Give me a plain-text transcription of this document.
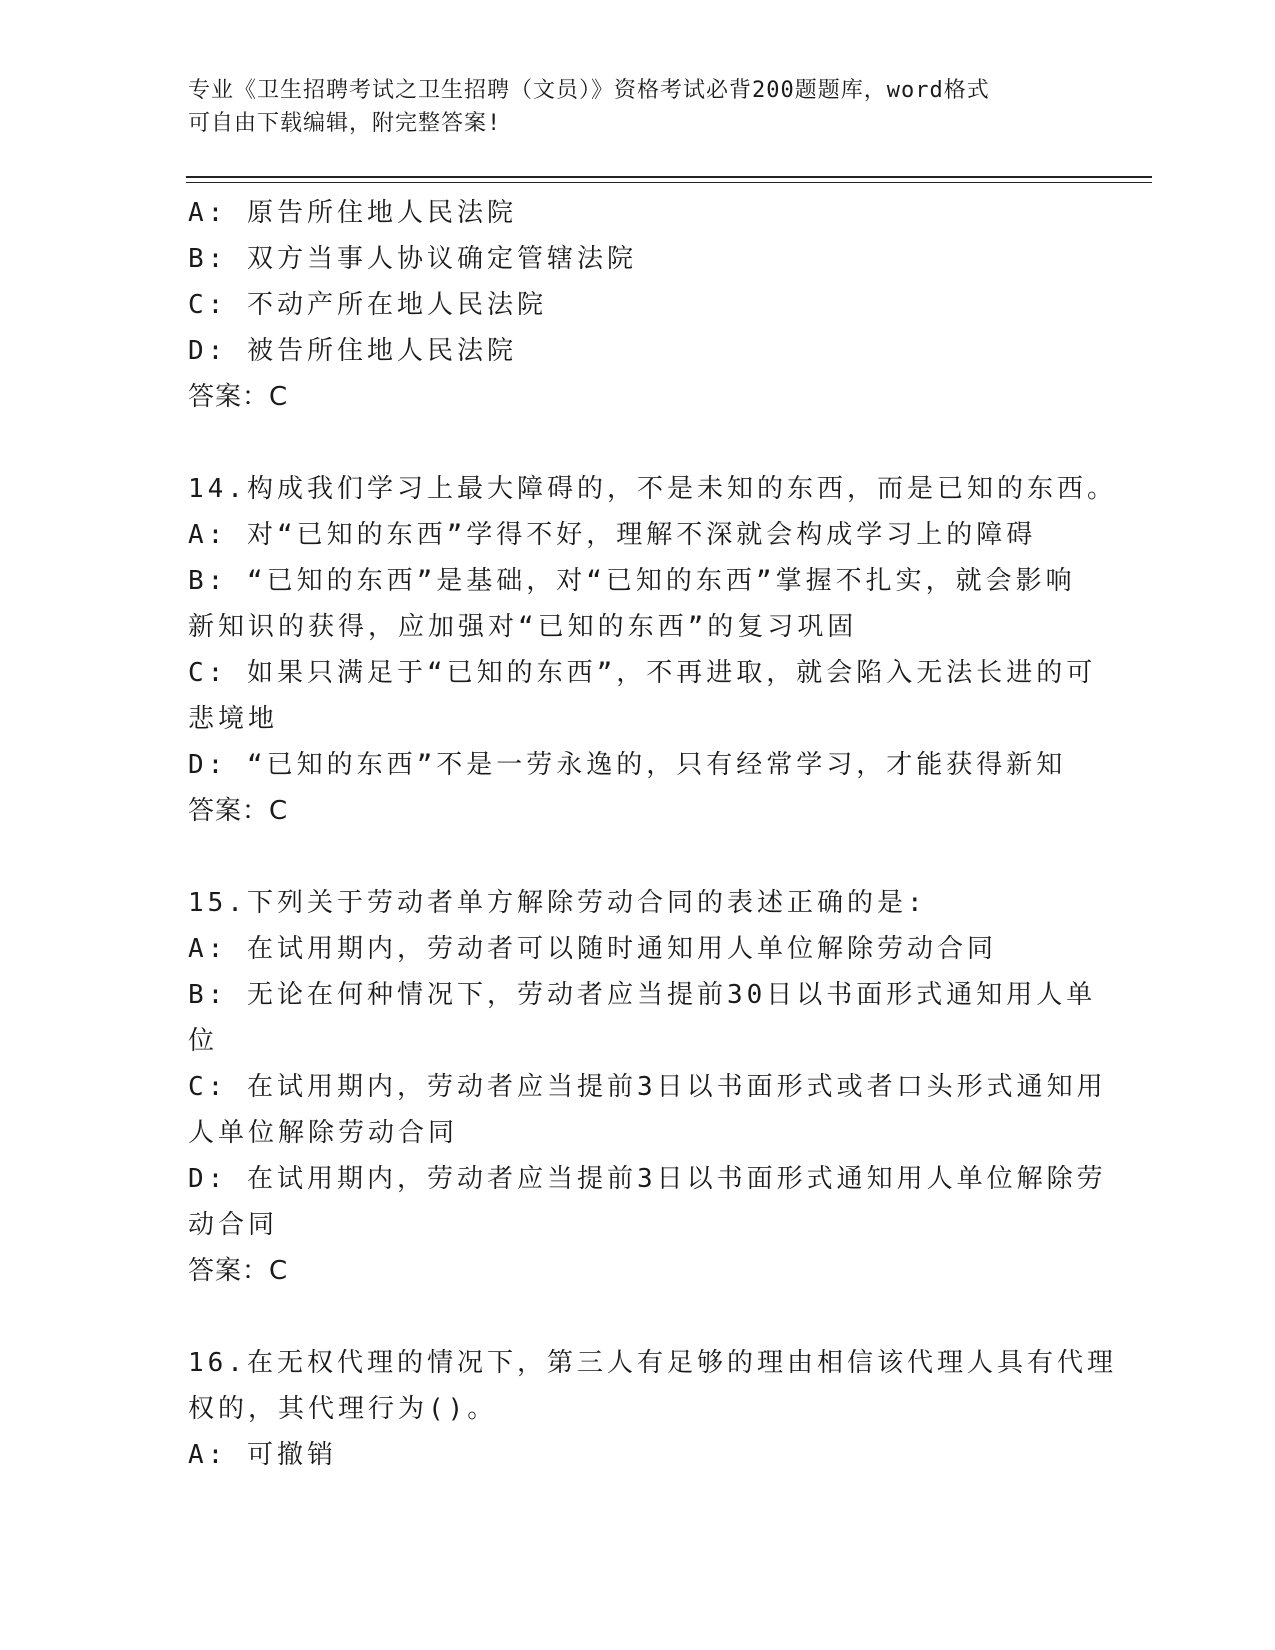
专业《卫生招聘考试之卫生招聘（文员）》资格考试必背200题题库，word格式
可自由下载编辑，附完整答案!

A: 原告所住地人民法院

B: 双方当事人协议确定管辖法院

C: 不动产所在地人民法院

D: 被告所住地人民法院

答案：C

14.构成我们学习上最大障碍的，不是未知的东西，而是已知的东西。

A: 对“已知的东西”学得不好，理解不深就会构成学习上的障碍

B: “已知的东西”是基础，对“已知的东西”掌握不扎实，就会影响

新知识的获得，应加强对“已知的东西”的复习巩固

C: 如果只满足于“已知的东西”，不再进取，就会陷入无法长进的可

悲境地

D: “已知的东西”不是一劳永逸的，只有经常学习，才能获得新知

答案：C

15.下列关于劳动者单方解除劳动合同的表述正确的是:

A: 在试用期内，劳动者可以随时通知用人单位解除劳动合同

B: 无论在何种情况下，劳动者应当提前30日以书面形式通知用人单

位

C: 在试用期内，劳动者应当提前3日以书面形式或者口头形式通知用

人单位解除劳动合同

D: 在试用期内，劳动者应当提前3日以书面形式通知用人单位解除劳

动合同

答案：C

16.在无权代理的情况下，第三人有足够的理由相信该代理人具有代理

权的，其代理行为()。

A: 可撤销
